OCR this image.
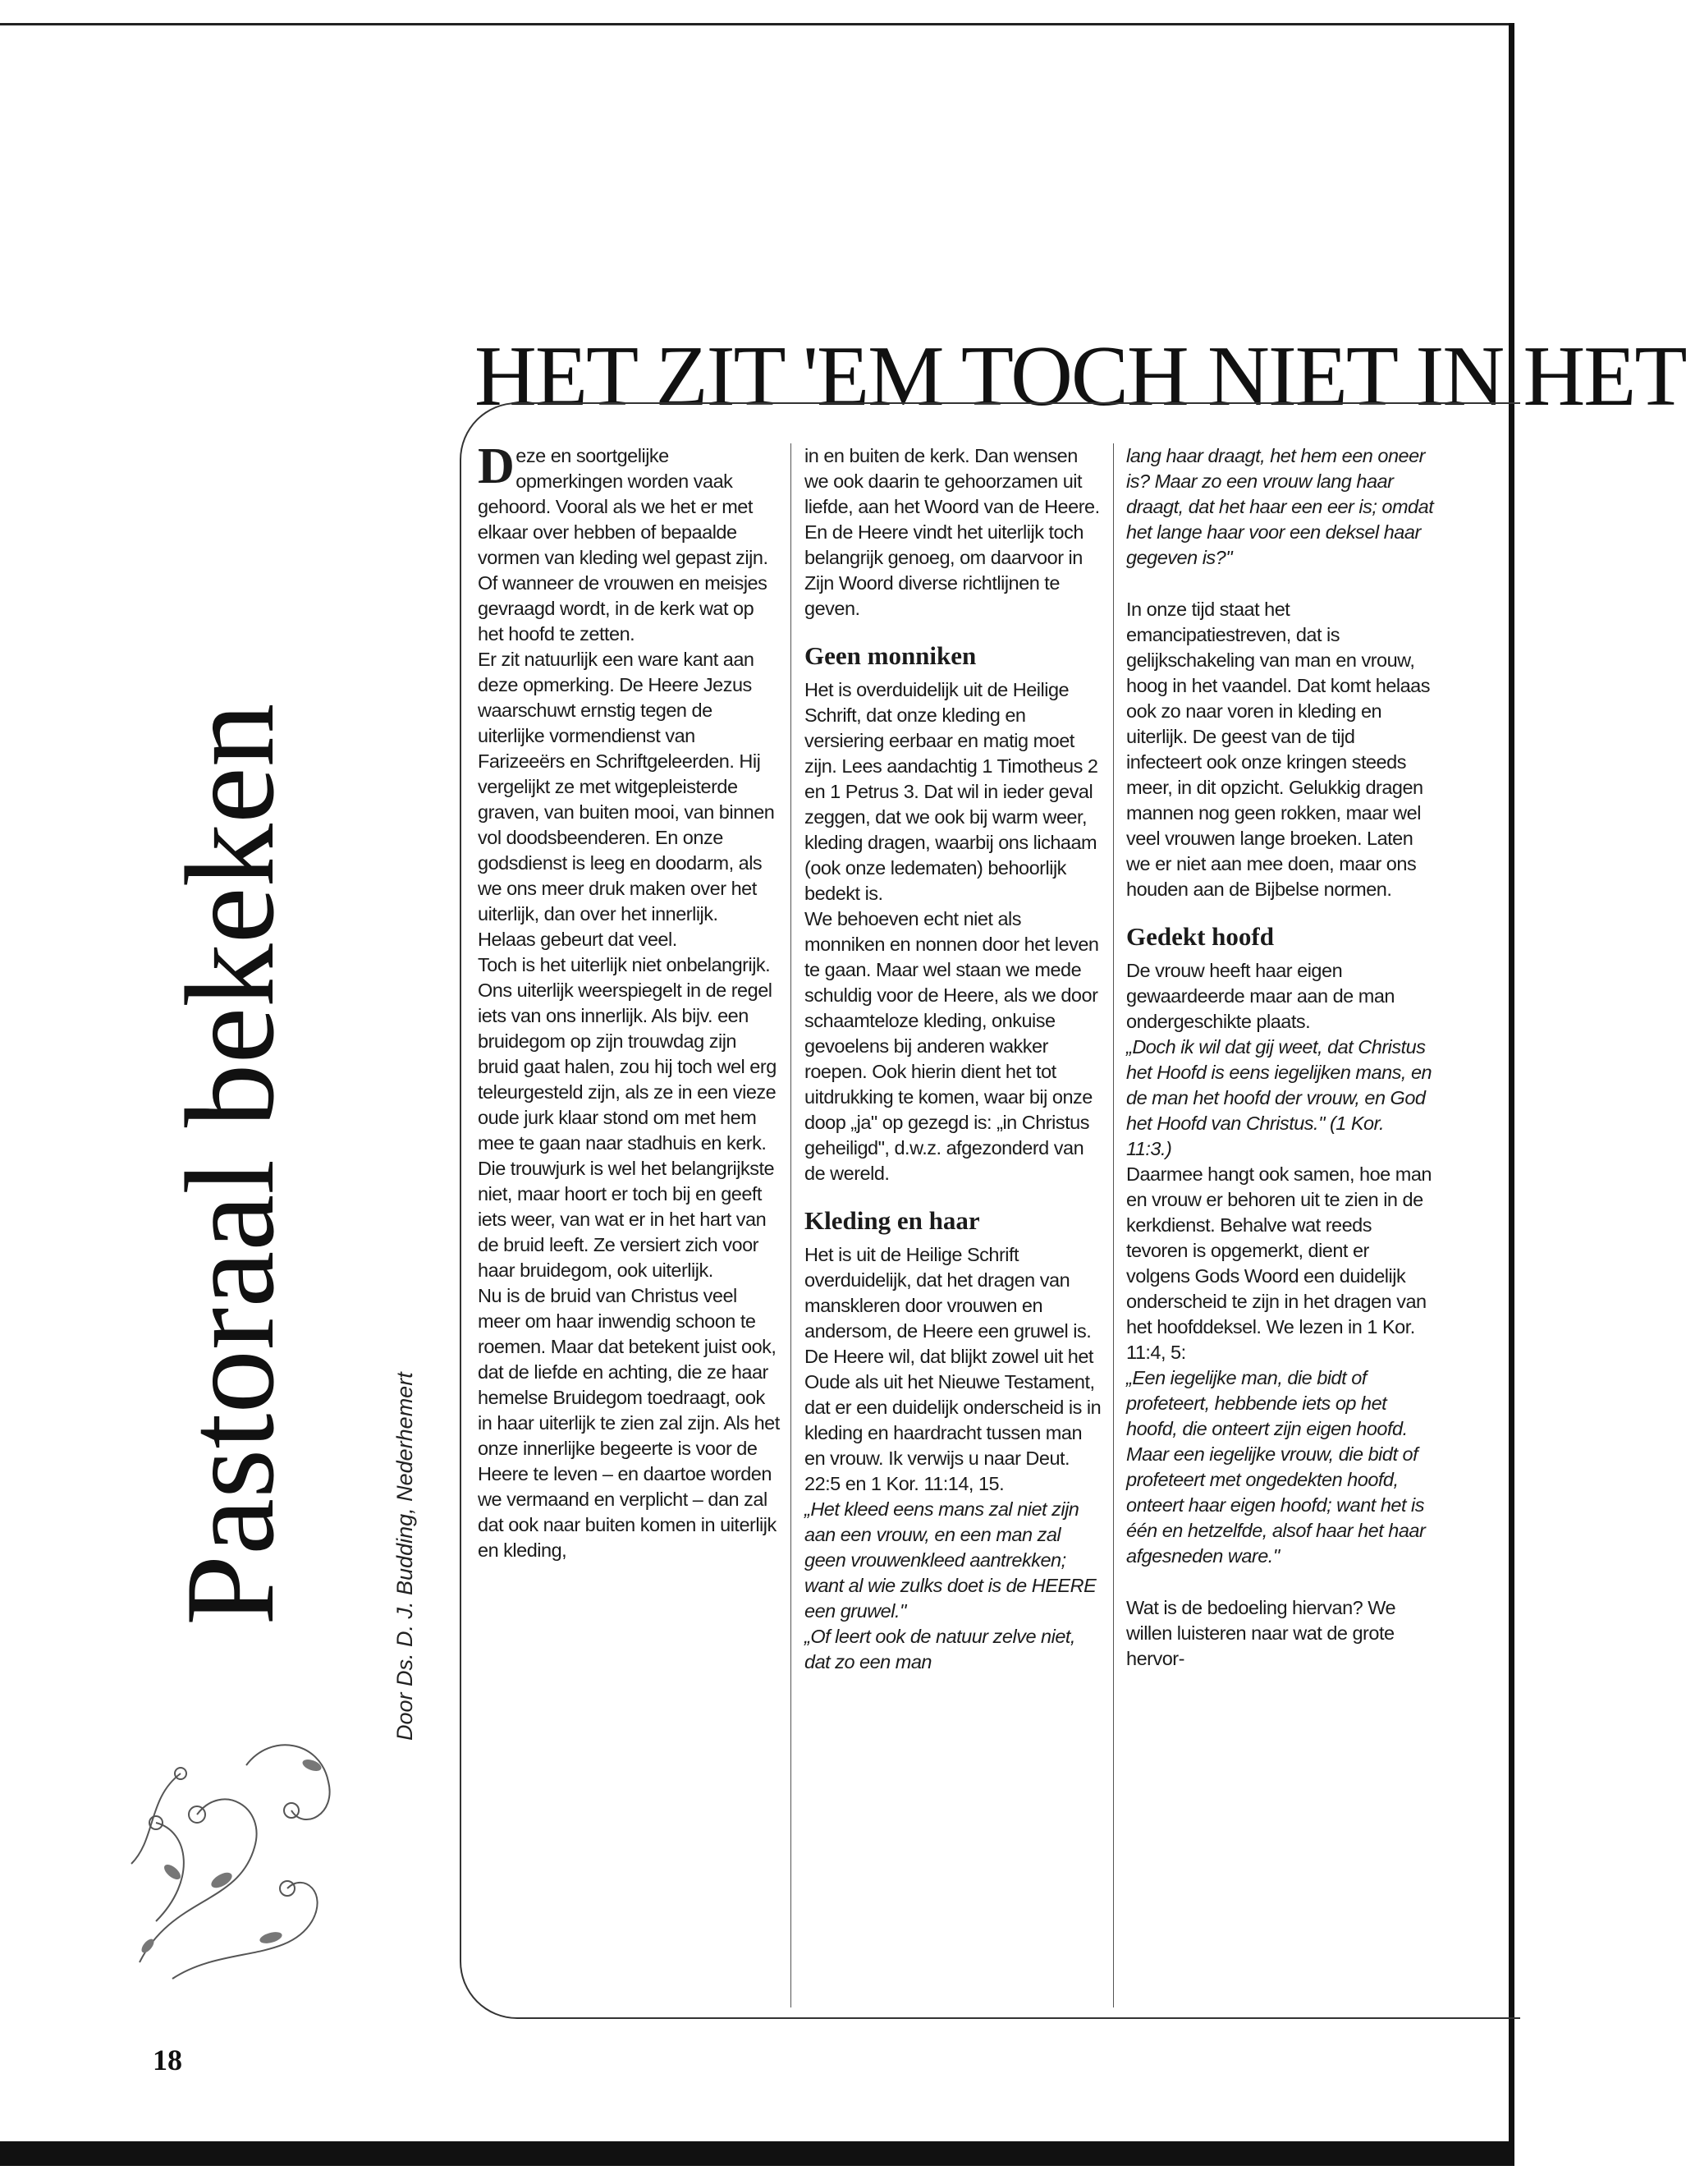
HET ZIT 'EM TOCH NIET IN HET
Pastoraal bekeken	Door Ds. D. J. Budding, Nederhemert

Deze en soortgelijke opmerkingen worden vaak gehoord. Vooral als we het er met elkaar over hebben of bepaalde vormen van kleding wel gepast zijn. Of wanneer de vrouwen en meisjes gevraagd wordt, in de kerk wat op het hoofd te zetten.

Er zit natuurlijk een ware kant aan deze opmerking. De Heere Jezus waarschuwt ernstig tegen de uiterlijke vormendienst van Farizeeërs en Schriftgeleerden. Hij vergelijkt ze met witgepleisterde graven, van buiten mooi, van binnen vol doodsbeenderen. En onze godsdienst is leeg en doodarm, als we ons meer druk maken over het uiterlijk, dan over het innerlijk. Helaas gebeurt dat veel.

Toch is het uiterlijk niet onbelangrijk. Ons uiterlijk weerspiegelt in de regel iets van ons innerlijk. Als bijv. een bruidegom op zijn trouwdag zijn bruid gaat halen, zou hij toch wel erg teleurgesteld zijn, als ze in een vieze oude jurk klaar stond om met hem mee te gaan naar stadhuis en kerk. Die trouwjurk is wel het belangrijkste niet, maar hoort er toch bij en geeft iets weer, van wat er in het hart van de bruid leeft. Ze versiert zich voor haar bruidegom, ook uiterlijk.

Nu is de bruid van Christus veel meer om haar inwendig schoon te roemen. Maar dat betekent juist ook, dat de liefde en achting, die ze haar hemelse Bruidegom toedraagt, ook in haar uiterlijk te zien zal zijn. Als het onze innerlijke begeerte is voor de Heere te leven – en daartoe worden we vermaand en verplicht – dan zal dat ook naar buiten komen in uiterlijk en kleding,

in en buiten de kerk. Dan wensen we ook daarin te gehoorzamen uit liefde, aan het Woord van de Heere. En de Heere vindt het uiterlijk toch belangrijk genoeg, om daarvoor in Zijn Woord diverse richtlijnen te geven.

Geen monniken

Het is overduidelijk uit de Heilige Schrift, dat onze kleding en versiering eerbaar en matig moet zijn. Lees aandachtig 1 Timotheus 2 en 1 Petrus 3. Dat wil in ieder geval zeggen, dat we ook bij warm weer, kleding dragen, waarbij ons lichaam (ook onze ledematen) behoorlijk bedekt is.

We behoeven echt niet als monniken en nonnen door het leven te gaan. Maar wel staan we mede schuldig voor de Heere, als we door schaamteloze kleding, onkuise gevoelens bij anderen wakker roepen. Ook hierin dient het tot uitdrukking te komen, waar bij onze doop „ja" op gezegd is: „in Christus geheiligd", d.w.z. afgezonderd van de wereld.

Kleding en haar

Het is uit de Heilige Schrift overduidelijk, dat het dragen van manskleren door vrouwen en andersom, de Heere een gruwel is. De Heere wil, dat blijkt zowel uit het Oude als uit het Nieuwe Testament, dat er een duidelijk onderscheid is in kleding en haardracht tussen man en vrouw. Ik verwijs u naar Deut. 22:5 en 1 Kor. 11:14, 15.

„Het kleed eens mans zal niet zijn aan een vrouw, en een man zal geen vrouwenkleed aantrekken; want al wie zulks doet is de HEERE een gruwel."

„Of leert ook de natuur zelve niet, dat zo een man

lang haar draagt, het hem een oneer is? Maar zo een vrouw lang haar draagt, dat het haar een eer is; omdat het lange haar voor een deksel haar gegeven is?"

In onze tijd staat het emancipatiestreven, dat is gelijkschakeling van man en vrouw, hoog in het vaandel. Dat komt helaas ook zo naar voren in kleding en uiterlijk. De geest van de tijd infecteert ook onze kringen steeds meer, in dit opzicht. Gelukkig dragen mannen nog geen rokken, maar wel veel vrouwen lange broeken. Laten we er niet aan mee doen, maar ons houden aan de Bijbelse normen.

Gedekt hoofd

De vrouw heeft haar eigen gewaardeerde maar aan de man ondergeschikte plaats.

„Doch ik wil dat gij weet, dat Christus het Hoofd is eens iegelijken mans, en de man het hoofd der vrouw, en God het Hoofd van Christus." (1 Kor. 11:3.)

Daarmee hangt ook samen, hoe man en vrouw er behoren uit te zien in de kerkdienst. Behalve wat reeds tevoren is opgemerkt, dient er volgens Gods Woord een duidelijk onderscheid te zijn in het dragen van het hoofddeksel. We lezen in 1 Kor. 11:4, 5:

„Een iegelijke man, die bidt of profeteert, hebbende iets op het hoofd, die onteert zijn eigen hoofd. Maar een iegelijke vrouw, die bidt of profeteert met ongedekten hoofd, onteert haar eigen hoofd; want het is één en hetzelfde, alsof haar het haar afgesneden ware."

Wat is de bedoeling hiervan? We willen luisteren naar wat de grote hervor-

18
